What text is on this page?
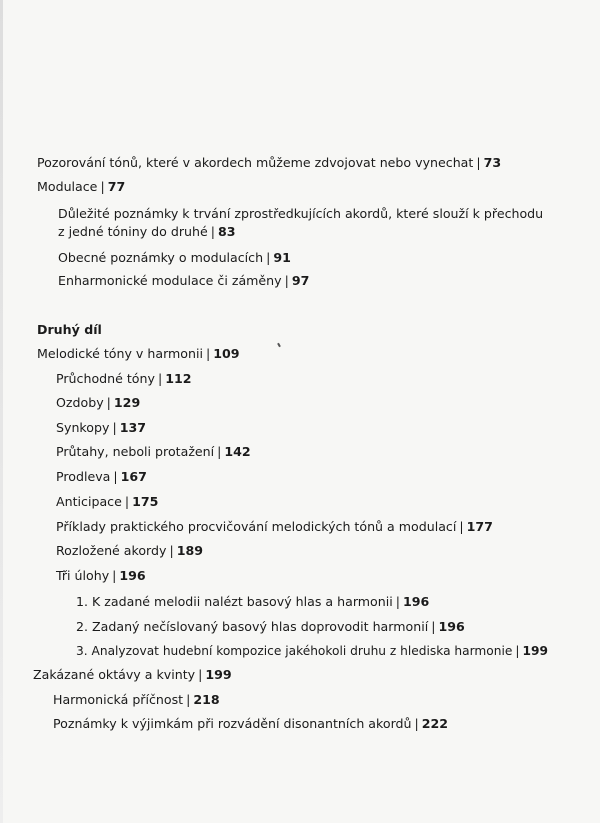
Pozorování tónů, které v akordech můžeme zdvojovat nebo vynechat | 73
Modulace | 77
Důležité poznámky k trvání zprostředkujících akordů, které slouží k přechodu
z jedné tóniny do druhé | 83
Obecné poznámky o modulacích | 91
Enharmonické modulace či záměny | 97
Druhý díl
Melodické tóny v harmonii | 109
Průchodné tóny | 112
Ozdoby | 129
Synkopy | 137
Průtahy, neboli protažení | 142
Prodleva | 167
Anticipace | 175
Příklady praktického procvičování melodických tónů a modulací | 177
Rozložené akordy | 189
Tři úlohy | 196
1. K zadané melodii nalézt basový hlas a harmonii | 196
2. Zadaný nečíslovaný basový hlas doprovodit harmonií | 196
3. Analyzovat hudební kompozice jakéhokoli druhu z hlediska harmonie | 199
Zakázané oktávy a kvinty | 199
Harmonická příčnost | 218
Poznámky k výjimkám při rozvádění disonantních akordů | 222
